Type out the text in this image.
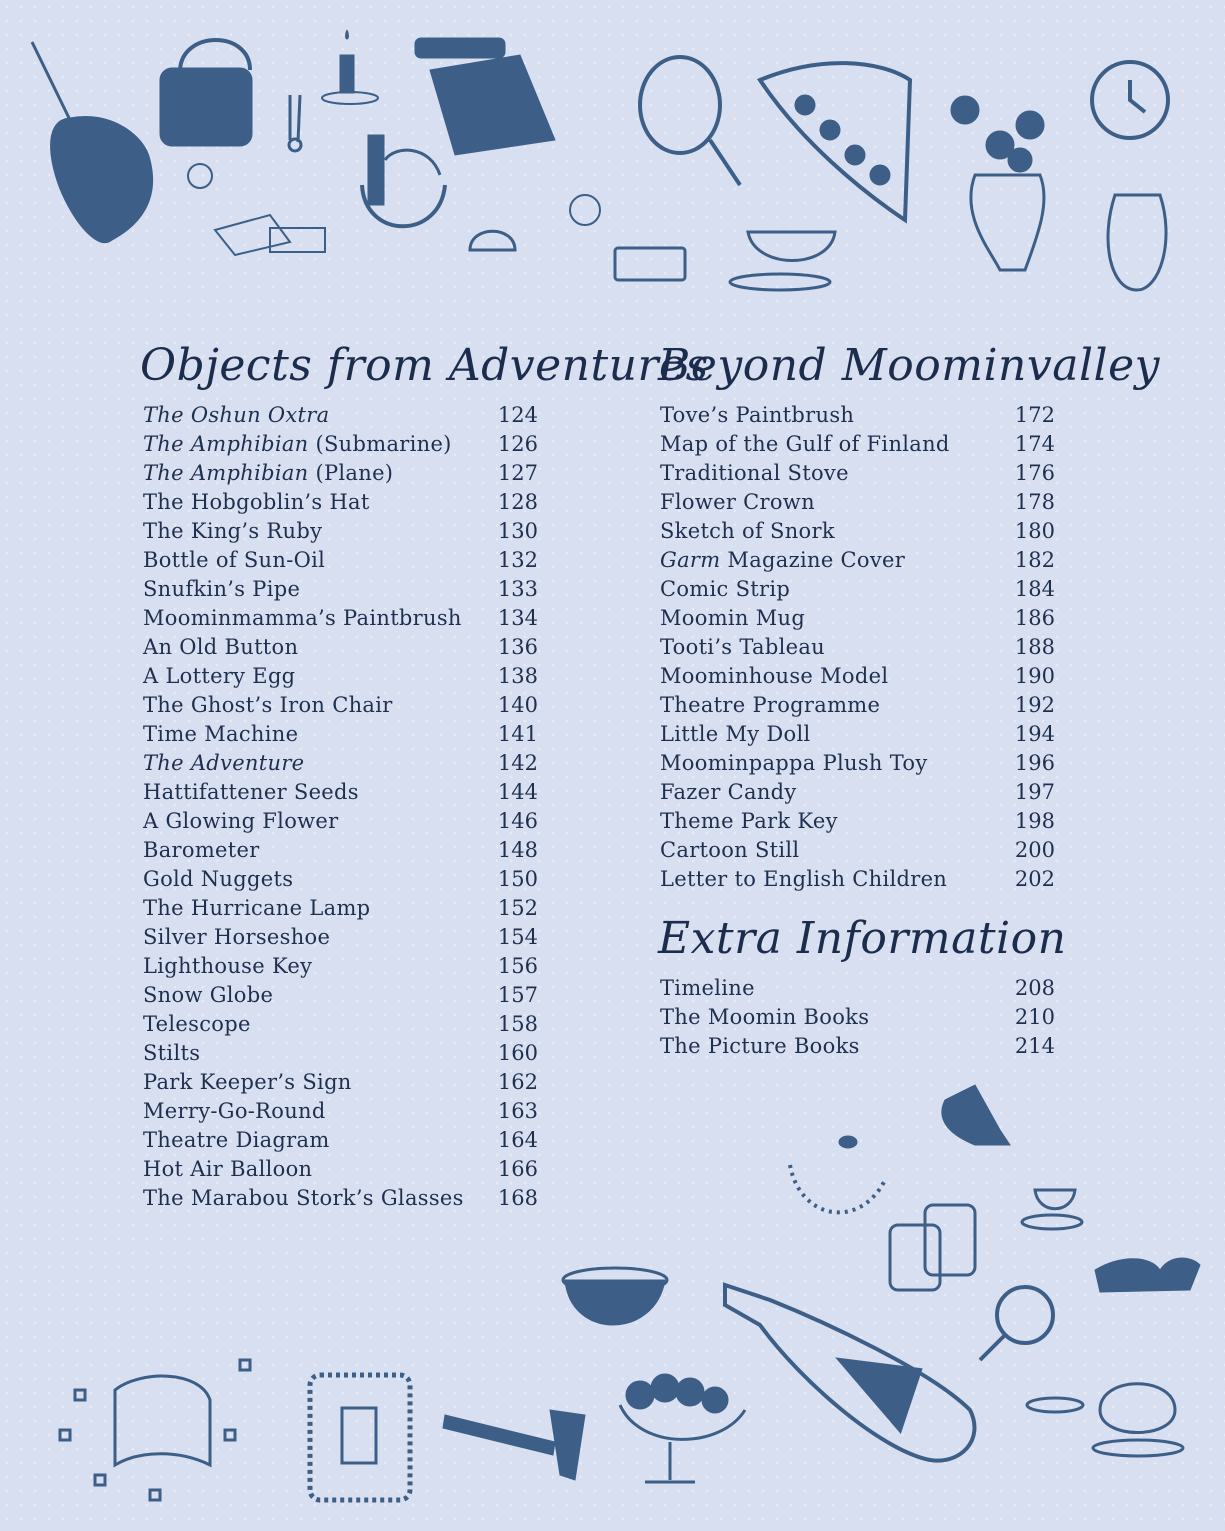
Objects from Adventures
Beyond Moominvalley
Extra Information
The Oshun Oxtra	124
The Amphibian (Submarine) 126
The Amphibian (Plane)	127
The Hobgoblin’s Hat	128
The King’s Ruby	130
Bottle of Sun-Oil	132
Snufkin’s Pipe	133
Moominmamma’s Paintbrush 134
An Old Button	136
A Lottery Egg	138
The Ghost’s Iron Chair	140
Time Machine	141
The Adventure	142
Hattifattener Seeds	144
A Glowing Flower	146
Barometer	148
Gold Nuggets	150
The Hurricane Lamp	152
Silver Horseshoe	154
Lighthouse Key	156
Snow Globe	157
Telescope	158
Stilts	160
Park Keeper’s Sign	162
Merry-Go-Round	163
Theatre Diagram	164
Hot Air Balloon	166
The Marabou Stork’s Glasses 168
Tove’s Paintbrush	172
Map of the Gulf of Finland	174
Traditional Stove	176
Flower Crown	178
Sketch of Snork	180
Garm Magazine Cover	182
Comic Strip	184
Moomin Mug	186
Tooti’s Tableau	188
Moominhouse Model	190
Theatre Programme	192
Little My Doll	194
Moominpappa Plush Toy	196
Fazer Candy	197
Theme Park Key	198
Cartoon Still	200
Letter to English Children	202
Timeline	208
The Moomin Books	210
The Picture Books	214
